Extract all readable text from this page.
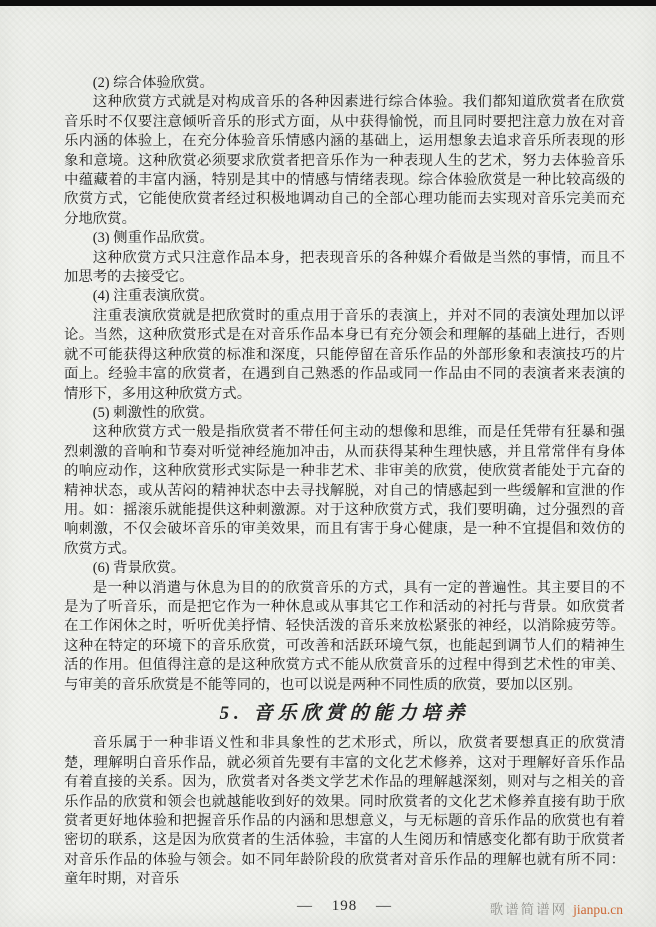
(2) 综合体验欣赏。

这种欣赏方式就是对构成音乐的各种因素进行综合体验。我们都知道欣赏者在欣赏音乐时不仅要注意倾听音乐的形式方面，从中获得愉悦，而且同时要把注意力放在对音乐内涵的体验上，在充分体验音乐情感内涵的基础上，运用想象去追求音乐所表现的形象和意境。这种欣赏必须要求欣赏者把音乐作为一种表现人生的艺术，努力去体验音乐中蕴藏着的丰富内涵，特别是其中的情感与情绪表现。综合体验欣赏是一种比较高级的欣赏方式，它能使欣赏者经过积极地调动自己的全部心理功能而去实现对音乐完美而充分地欣赏。

(3) 侧重作品欣赏。

这种欣赏方式只注意作品本身，把表现音乐的各种媒介看做是当然的事情，而且不加思考的去接受它。

(4) 注重表演欣赏。

注重表演欣赏就是把欣赏时的重点用于音乐的表演上，并对不同的表演处理加以评论。当然，这种欣赏形式是在对音乐作品本身已有充分领会和理解的基础上进行，否则就不可能获得这种欣赏的标准和深度，只能停留在音乐作品的外部形象和表演技巧的片面上。经验丰富的欣赏者，在遇到自己熟悉的作品或同一作品由不同的表演者来表演的情形下，多用这种欣赏方式。

(5) 刺激性的欣赏。

这种欣赏方式一般是指欣赏者不带任何主动的想像和思维，而是任凭带有狂暴和强烈刺激的音响和节奏对听觉神经施加冲击，从而获得某种生理快感，并且常常伴有身体的响应动作，这种欣赏形式实际是一种非艺术、非审美的欣赏，使欣赏者能处于亢奋的精神状态，或从苦闷的精神状态中去寻找解脱，对自己的情感起到一些缓解和宣泄的作用。如：摇滚乐就能提供这种刺激源。对于这种欣赏方式，我们要明确，过分强烈的音响刺激，不仅会破坏音乐的审美效果，而且有害于身心健康，是一种不宜提倡和效仿的欣赏方式。

(6) 背景欣赏。

是一种以消遣与休息为目的的欣赏音乐的方式，具有一定的普遍性。其主要目的不是为了听音乐，而是把它作为一种休息或从事其它工作和活动的衬托与背景。如欣赏者在工作闲休之时，听听优美抒情、轻快活泼的音乐来放松紧张的神经，以消除疲劳等。这种在特定的环境下的音乐欣赏，可改善和活跃环境气氛，也能起到调节人们的精神生活的作用。但值得注意的是这种欣赏方式不能从欣赏音乐的过程中得到艺术性的审美、与审美的音乐欣赏是不能等同的，也可以说是两种不同性质的欣赏，要加以区别。

5. 音乐欣赏的能力培养

音乐属于一种非语义性和非具象性的艺术形式，所以，欣赏者要想真正的欣赏清楚，理解明白音乐作品，就必须首先要有丰富的文化艺术修养，这对于理解好音乐作品有着直接的关系。因为，欣赏者对各类文学艺术作品的理解越深刻，则对与之相关的音乐作品的欣赏和领会也就越能收到好的效果。同时欣赏者的文化艺术修养直接有助于欣赏者更好地体验和把握音乐作品的内涵和思想意义，与无标题的音乐作品的欣赏也有着密切的联系，这是因为欣赏者的生活体验，丰富的人生阅历和情感变化都有助于欣赏者对音乐作品的体验与领会。如不同年龄阶段的欣赏者对音乐作品的理解也就有所不同：童年时期，对音乐

— 198 —	歌谱简谱网 jianpu.cn
